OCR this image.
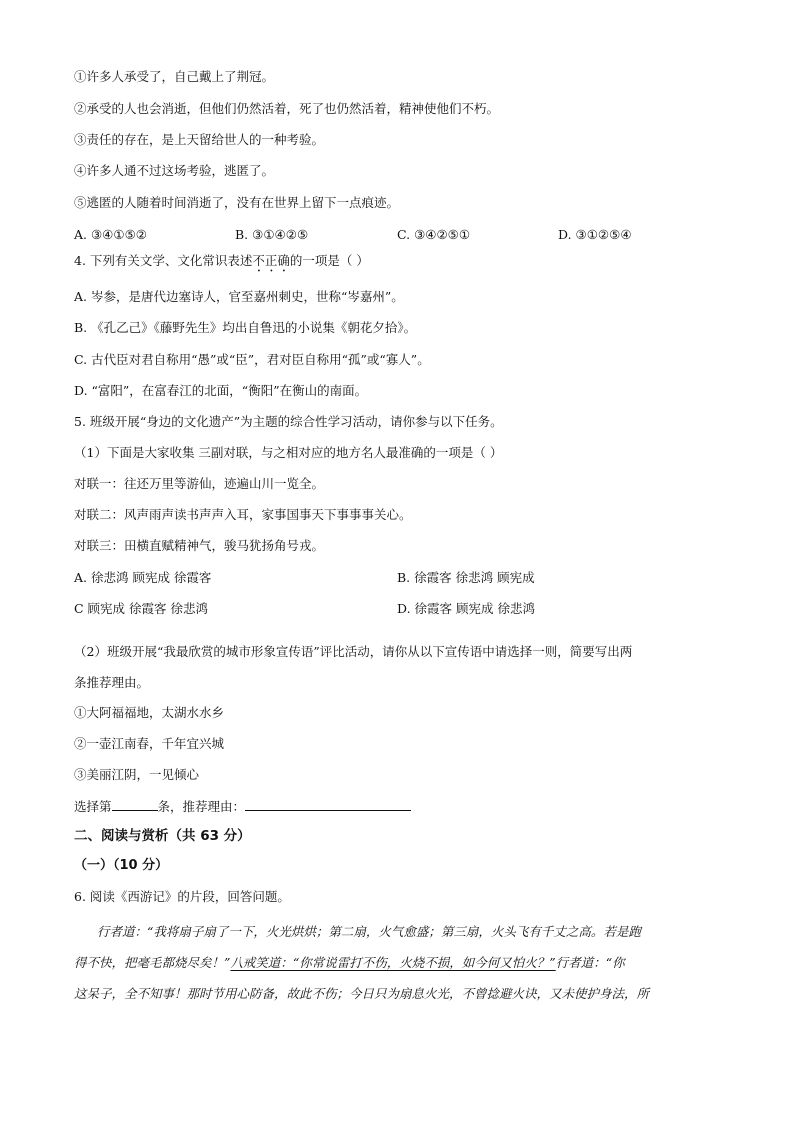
①许多人承受了，自己戴上了荆冠。
②承受的人也会消逝，但他们仍然活着，死了也仍然活着，精神使他们不朽。
③责任的存在，是上天留给世人的一种考验。
④许多人通不过这场考验，逃匿了。
⑤逃匿的人随着时间消逝了，没有在世界上留下一点痕迹。
A. ③④①⑤②	B. ③①④②⑤	C. ③④②⑤①	D. ③①②⑤④
4. 下列有关文学、文化常识表述不正确的一项是（ ）
A. 岑参，是唐代边塞诗人，官至嘉州刺史，世称“岑嘉州”。
B. 《孔乙己》《藤野先生》均出自鲁迅的小说集《朝花夕拾》。
C. 古代臣对君自称用“愚”或“臣”，君对臣自称用“孤”或“寡人”。
D. “富阳”，在富春江的北面，“衡阳”在衡山的南面。
5. 班级开展“身边的文化遗产”为主题的综合性学习活动，请你参与以下任务。
（1）下面是大家收集 三副对联，与之相对应的地方名人最准确的一项是（ ）
对联一：往还万里等游仙，迹遍山川一览全。
对联二：风声雨声读书声声入耳，家事国事天下事事事关心。
对联三：田横直赋精神气，骏马犹扬角号戎。
A. 徐悲鸿 顾宪成 徐霞客	B. 徐霞客 徐悲鸿 顾宪成
C 顾宪成 徐霞客 徐悲鸿	D. 徐霞客 顾宪成 徐悲鸿
（2）班级开展“我最欣赏的城市形象宣传语”评比活动，请你从以下宣传语中请选择一则，简要写出两
条推荐理由。
①大阿福福地，太湖水水乡
②一壶江南春，千年宜兴城
③美丽江阴，一见倾心
选择第	条，推荐理由：
二、阅读与赏析（共 63 分）
（一）（10 分）
6. 阅读《西游记》的片段，回答问题。
行者道：“我将扇子扇了一下，火光烘烘；第二扇，火气愈盛；第三扇，火头飞有千丈之高。若是跑
得不快，把毫毛都烧尽矣！”八戒笑道：“你常说雷打不伤，火烧不损，如今何又怕火？”行者道：“你
这呆子，全不知事！那时节用心防备，故此不伤；今日只为扇息火光，不曾捻避火诀，又未使护身法，所
